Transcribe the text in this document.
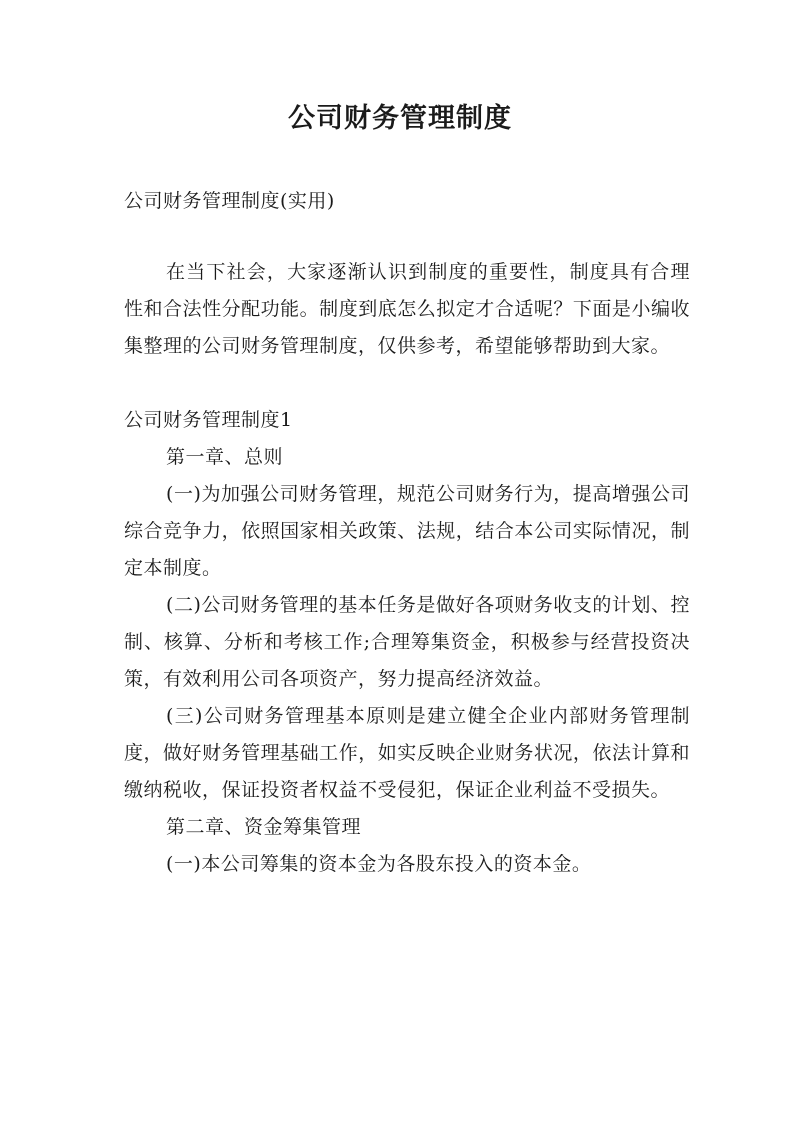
公司财务管理制度

公司财务管理制度(实用)

在当下社会，大家逐渐认识到制度的重要性，制度具有合理性和合法性分配功能。制度到底怎么拟定才合适呢？下面是小编收集整理的公司财务管理制度，仅供参考，希望能够帮助到大家。

公司财务管理制度1

第一章、总则

(一)为加强公司财务管理，规范公司财务行为，提高增强公司综合竞争力，依照国家相关政策、法规，结合本公司实际情况，制定本制度。

(二)公司财务管理的基本任务是做好各项财务收支的计划、控制、核算、分析和考核工作;合理筹集资金，积极参与经营投资决策，有效利用公司各项资产，努力提高经济效益。

(三)公司财务管理基本原则是建立健全企业内部财务管理制度，做好财务管理基础工作，如实反映企业财务状况，依法计算和缴纳税收，保证投资者权益不受侵犯，保证企业利益不受损失。

第二章、资金筹集管理

(一)本公司筹集的资本金为各股东投入的资本金。
